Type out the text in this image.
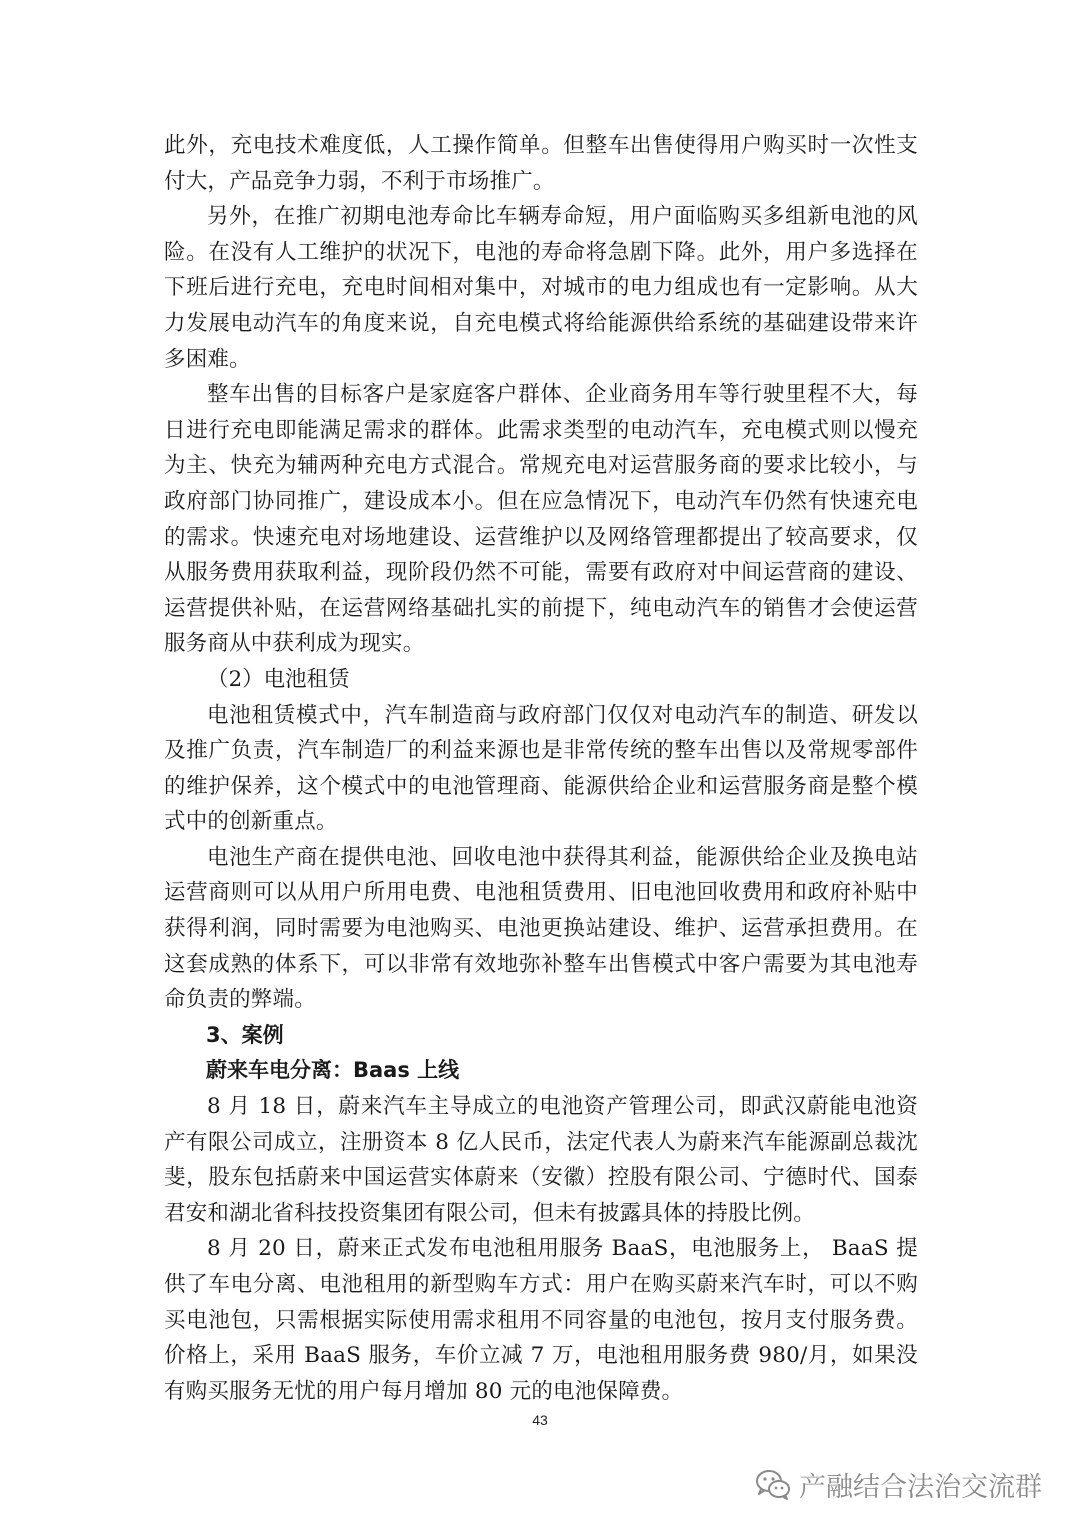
此外，充电技术难度低，人工操作简单。但整车出售使得用户购买时一次性支付大，产品竞争力弱，不利于市场推广。

另外，在推广初期电池寿命比车辆寿命短，用户面临购买多组新电池的风险。在没有人工维护的状况下，电池的寿命将急剧下降。此外，用户多选择在下班后进行充电，充电时间相对集中，对城市的电力组成也有一定影响。从大力发展电动汽车的角度来说，自充电模式将给能源供给系统的基础建设带来许多困难。

整车出售的目标客户是家庭客户群体、企业商务用车等行驶里程不大，每日进行充电即能满足需求的群体。此需求类型的电动汽车，充电模式则以慢充为主、快充为辅两种充电方式混合。常规充电对运营服务商的要求比较小，与政府部门协同推广，建设成本小。但在应急情况下，电动汽车仍然有快速充电的需求。快速充电对场地建设、运营维护以及网络管理都提出了较高要求，仅从服务费用获取利益，现阶段仍然不可能，需要有政府对中间运营商的建设、运营提供补贴，在运营网络基础扎实的前提下，纯电动汽车的销售才会使运营服务商从中获利成为现实。

（2）电池租赁

电池租赁模式中，汽车制造商与政府部门仅仅对电动汽车的制造、研发以及推广负责，汽车制造厂的利益来源也是非常传统的整车出售以及常规零部件的维护保养，这个模式中的电池管理商、能源供给企业和运营服务商是整个模式中的创新重点。

电池生产商在提供电池、回收电池中获得其利益，能源供给企业及换电站运营商则可以从用户所用电费、电池租赁费用、旧电池回收费用和政府补贴中获得利润，同时需要为电池购买、电池更换站建设、维护、运营承担费用。在这套成熟的体系下，可以非常有效地弥补整车出售模式中客户需要为其电池寿命负责的弊端。

3、案例

蔚来车电分离：Baas 上线

8 月 18 日，蔚来汽车主导成立的电池资产管理公司，即武汉蔚能电池资产有限公司成立，注册资本 8 亿人民币，法定代表人为蔚来汽车能源副总裁沈斐，股东包括蔚来中国运营实体蔚来（安徽）控股有限公司、宁德时代、国泰君安和湖北省科技投资集团有限公司，但未有披露具体的持股比例。

8 月 20 日，蔚来正式发布电池租用服务 BaaS，电池服务上， BaaS 提供了车电分离、电池租用的新型购车方式：用户在购买蔚来汽车时，可以不购买电池包，只需根据实际使用需求租用不同容量的电池包，按月支付服务费。价格上，采用 BaaS 服务，车价立减 7 万，电池租用服务费 980/月，如果没有购买服务无忧的用户每月增加 80 元的电池保障费。

43
产融结合法治交流群
